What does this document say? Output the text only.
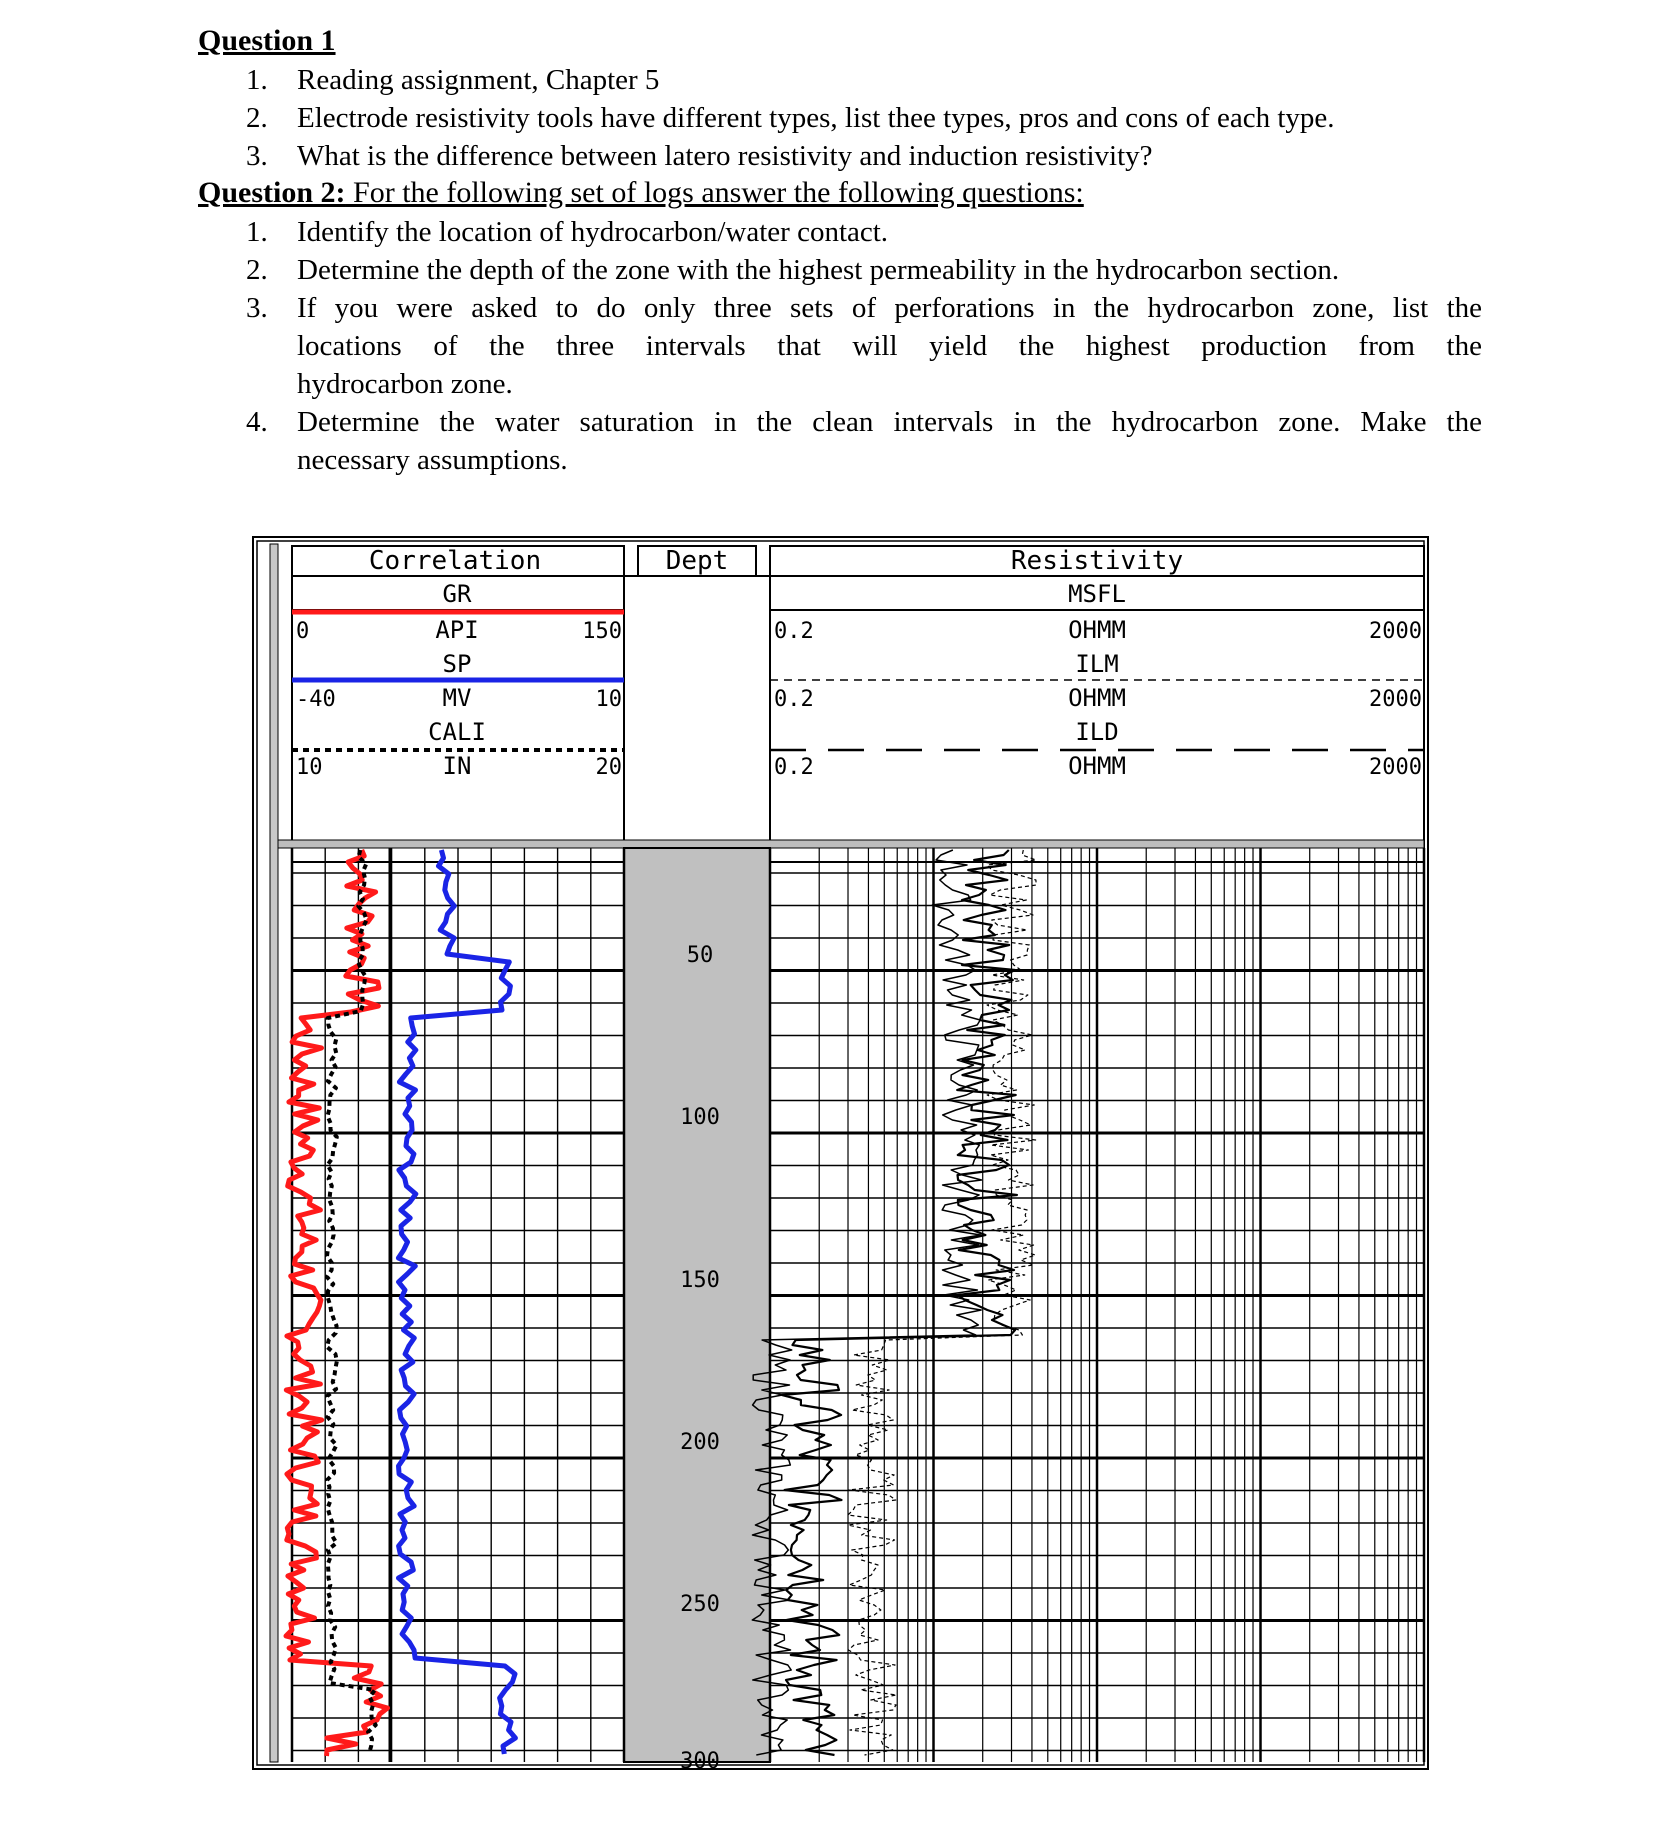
Question 1
1. Reading assignment, Chapter 5
2. Electrode resistivity tools have different types, list thee types, pros and cons of each type.
3. What is the difference between latero resistivity and induction resistivity?
Question 2: For the following set of logs answer the following questions:
1. Identify the location of hydrocarbon/water contact.
2. Determine the depth of the zone with the highest permeability in the hydrocarbon section.
3. If you were asked to do only three sets of perforations in the hydrocarbon zone, list the
locations of the three intervals that will yield the highest production from the
hydrocarbon zone.
4. Determine the water saturation in the clean intervals in the hydrocarbon zone. Make the
necessary assumptions.
Correlation	Dept	Resistivity
GR
API
0	150
SP
MV
-40	10
CALI
IN
10	20
MSFL
OHMM
0.2	2000
ILM
OHMM
0.2	2000
ILD
OHMM
0.2	2000
50
100
150
200
250
300
